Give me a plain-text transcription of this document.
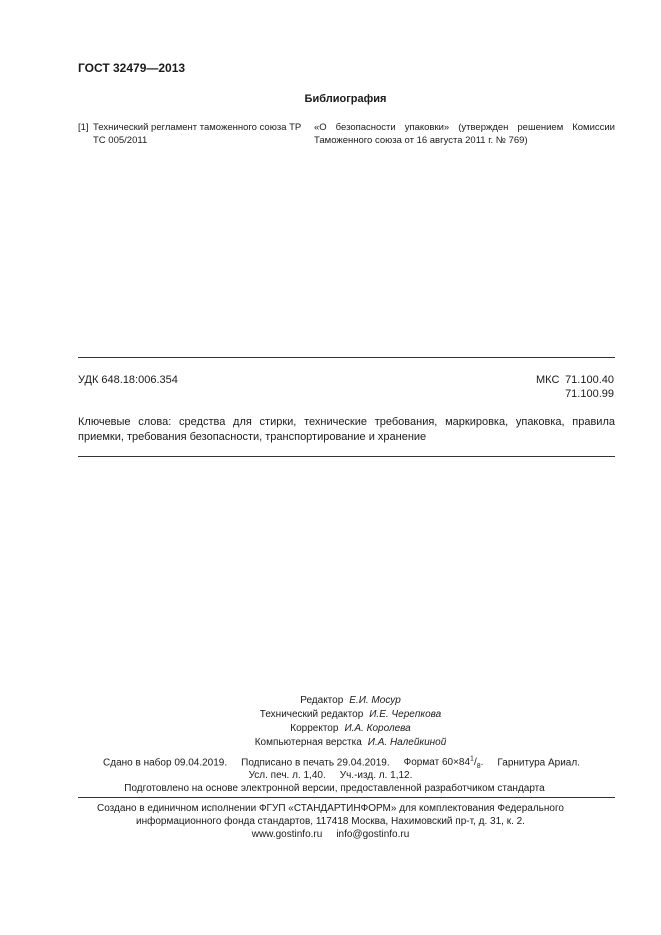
ГОСТ 32479—2013
Библиография
[1] Технический регламент таможенного союза ТР ТС 005/2011
«О безопасности упаковки» (утвержден решением Комиссии
Таможенного союза от 16 августа 2011 г. № 769)
УДК 648.18:006.354	МКС 71.100.40
71.100.99
Ключевые слова: средства для стирки, технические требования, маркировка, упаковка, правила
приемки, требования безопасности, транспортирование и хранение
Редактор Е.И. Мосур
Технический редактор И.Е. Черепкова
Корректор И.А. Королева
Компьютерная верстка И.А. Налейкиной
Сдано в набор 09.04.2019. Подписано в печать 29.04.2019. Формат $60\times 84^1/_8$. Гарнитура Ариал.
Усл. печ. л. 1,40. Уч.-изд. л. 1,12.
Подготовлено на основе электронной версии, предоставленной разработчиком стандарта
Создано в единичном исполнении ФГУП «СТАНДАРТИНФОРМ» для комплектования Федерального
информационного фонда стандартов, 117418 Москва, Нахимовский пр-т, д. 31, к. 2.
www.gostinfo.ru info@gostinfo.ru
